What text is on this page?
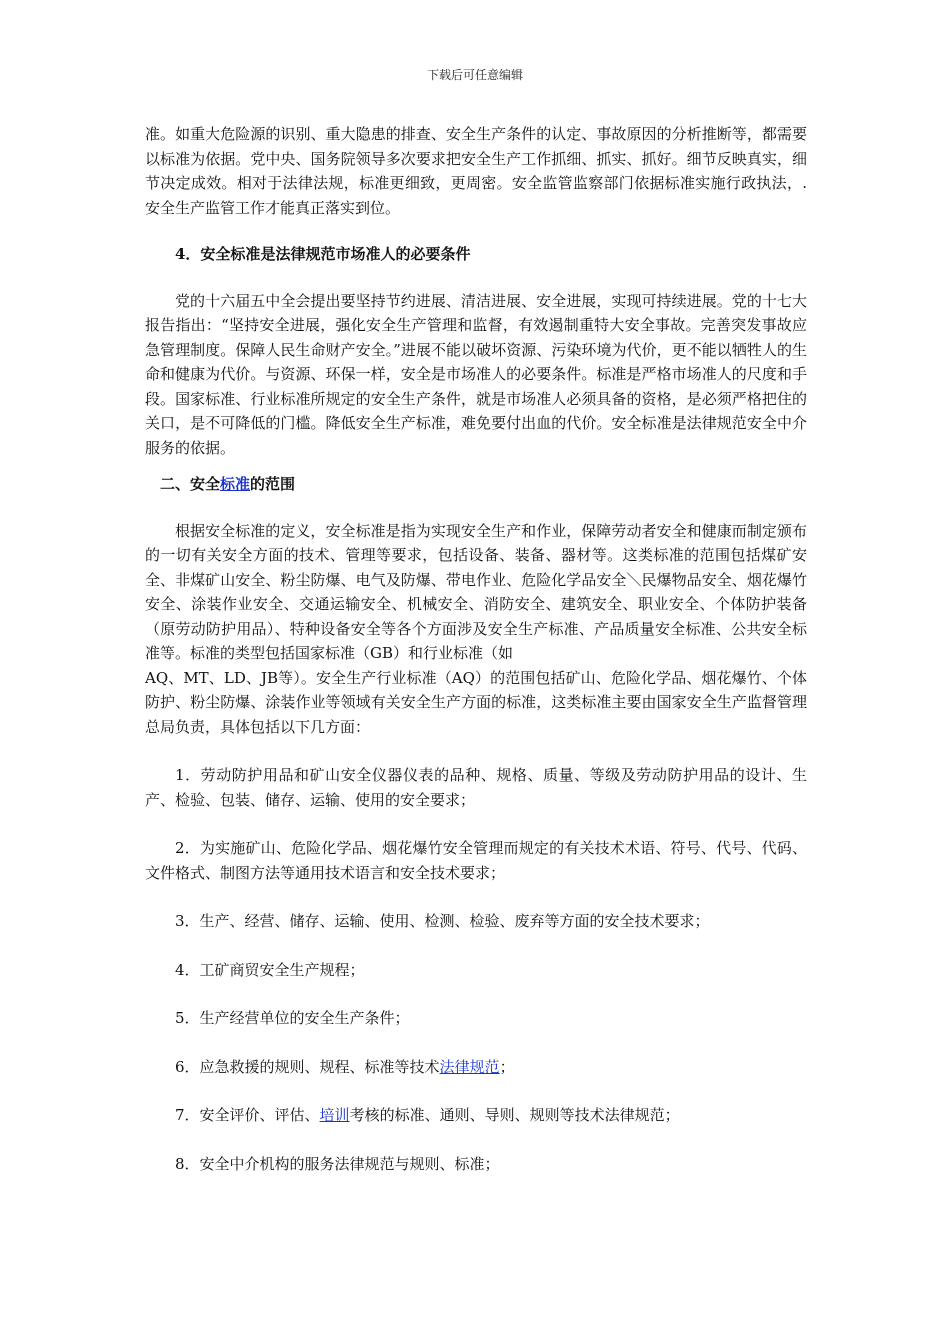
下载后可任意编辑

准。如重大危险源的识别、重大隐患的排查、安全生产条件的认定、事故原因的分析推断等，都需要以标准为依据。党中央、国务院领导多次要求把安全生产工作抓细、抓实、抓好。细节反映真实，细节决定成效。相对于法律法规，标准更细致，更周密。安全监管监察部门依据标准实施行政执法，. 安全生产监管工作才能真正落实到位。

4．安全标准是法律规范市场准人的必要条件

党的十六届五中全会提出要坚持节约进展、清洁进展、安全进展，实现可持续进展。党的十七大报告指出：“坚持安全进展，强化安全生产管理和监督，有效遏制重特大安全事故。完善突发事故应急管理制度。保障人民生命财产安全。”进展不能以破坏资源、污染环境为代价，更不能以牺牲人的生命和健康为代价。与资源、环保一样，安全是市场准人的必要条件。标准是严格市场准人的尺度和手段。国家标准、行业标准所规定的安全生产条件，就是市场准人必须具备的资格，是必须严格把住的关口，是不可降低的门槛。降低安全生产标准，难免要付出血的代价。安全标准是法律规范安全中介服务的依据。

二、安全标准的范围

根据安全标准的定义，安全标准是指为实现安全生产和作业，保障劳动者安全和健康而制定颁布的一切有关安全方面的技术、管理等要求，包括设备、装备、器材等。这类标准的范围包括煤矿安全、非煤矿山安全、粉尘防爆、电气及防爆、带电作业、危险化学品安全＼民爆物品安全、烟花爆竹安全、涂装作业安全、交通运输安全、机械安全、消防安全、建筑安全、职业安全、个体防护装备（原劳动防护用品）、特种设备安全等各个方面涉及安全生产标准、产品质量安全标准、公共安全标准等。标准的类型包括国家标准（GB）和行业标准（如

AQ、MT、LD、JB等）。安全生产行业标准（AQ）的范围包括矿山、危险化学品、烟花爆竹、个体防护、粉尘防爆、涂装作业等领域有关安全生产方面的标准，这类标准主要由国家安全生产监督管理总局负责，具体包括以下几方面：

1．劳动防护用品和矿山安全仪器仪表的品种、规格、质量、等级及劳动防护用品的设计、生产、检验、包装、储存、运输、使用的安全要求；

2．为实施矿山、危险化学品、烟花爆竹安全管理而规定的有关技术术语、符号、代号、代码、文件格式、制图方法等通用技术语言和安全技术要求；

3．生产、经营、储存、运输、使用、检测、检验、废弃等方面的安全技术要求；

4．工矿商贸安全生产规程；

5．生产经营单位的安全生产条件；

6．应急救援的规则、规程、标准等技术法律规范；

7．安全评价、评估、培训考核的标准、通则、导则、规则等技术法律规范；

8．安全中介机构的服务法律规范与规则、标准；
